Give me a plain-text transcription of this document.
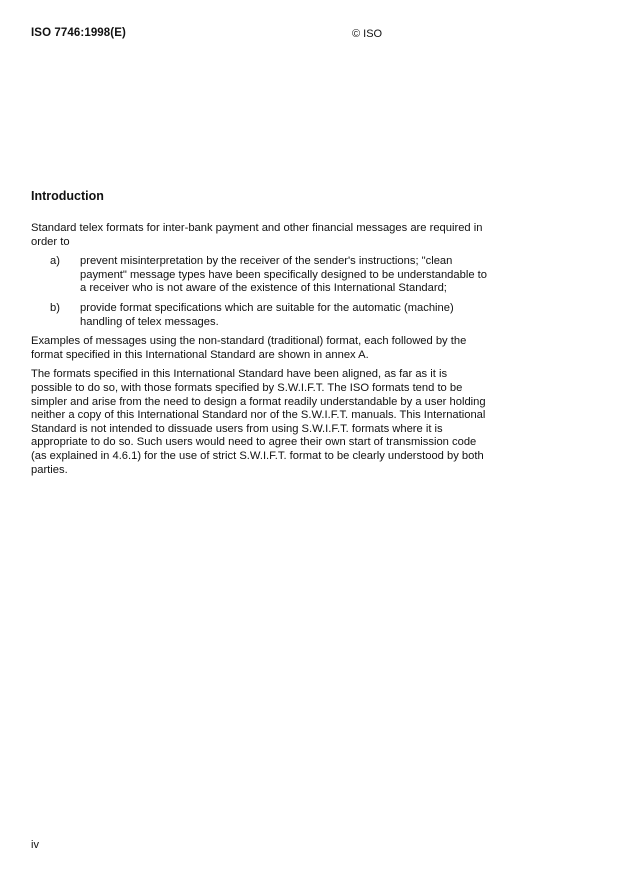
ISO 7746:1998(E)	© ISO
Introduction

Standard telex formats for inter-bank payment and other financial messages are required in order to

a)	prevent misinterpretation by the receiver of the sender's instructions; "clean payment" message types have been specifically designed to be understandable to a receiver who is not aware of the existence of this International Standard;
b)	provide format specifications which are suitable for the automatic (machine) handling of telex messages.

Examples of messages using the non-standard (traditional) format, each followed by the format specified in this International Standard are shown in annex A.

The formats specified in this International Standard have been aligned, as far as it is possible to do so, with those formats specified by S.W.I.F.T. The ISO formats tend to be simpler and arise from the need to design a format readily understandable by a user holding neither a copy of this International Standard nor of the S.W.I.F.T. manuals. This International Standard is not intended to dissuade users from using S.W.I.F.T. formats where it is appropriate to do so. Such users would need to agree their own start of transmission code (as explained in 4.6.1) for the use of strict S.W.I.F.T. format to be clearly understood by both parties.

iv
